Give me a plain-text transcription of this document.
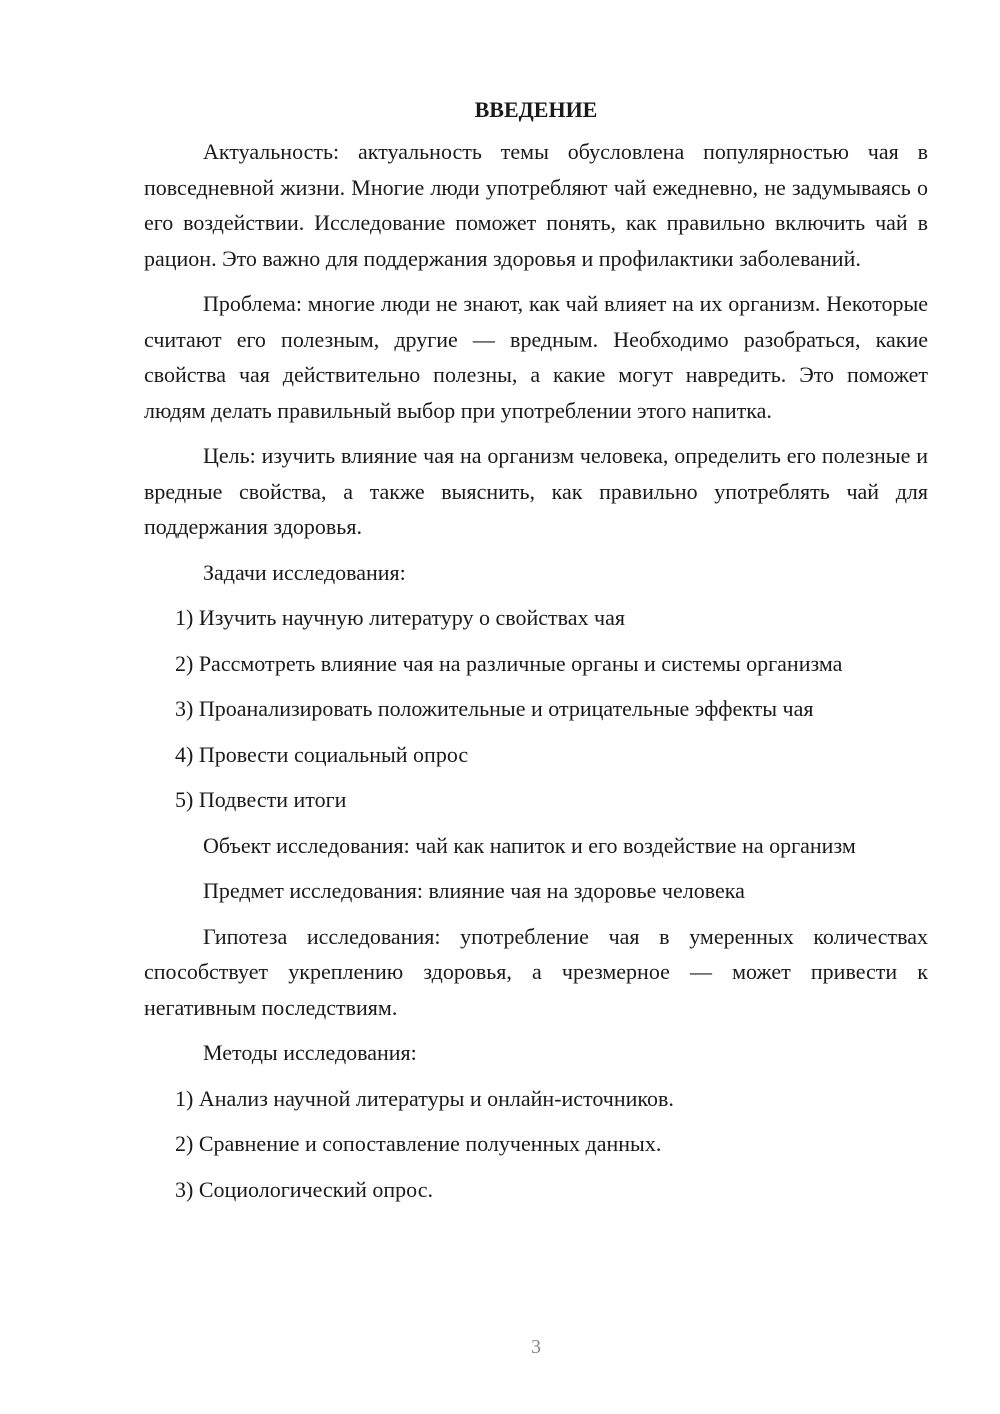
ВВЕДЕНИЕ

Актуальность: актуальность темы обусловлена популярностью чая в повседневной жизни. Многие люди употребляют чай ежедневно, не задумываясь о его воздействии. Исследование поможет понять, как правильно включить чай в рацион. Это важно для поддержания здоровья и профилактики заболеваний.

Проблема: многие люди не знают, как чай влияет на их организм. Некоторые считают его полезным, другие — вредным. Необходимо разобраться, какие свойства чая действительно полезны, а какие могут навредить. Это поможет людям делать правильный выбор при употреблении этого напитка.

Цель: изучить влияние чая на организм человека, определить его полезные и вредные свойства, а также выяснить, как правильно употреблять чай для поддержания здоровья.

Задачи исследования:

1) Изучить научную литературу о свойствах чая

2) Рассмотреть влияние чая на различные органы и системы организма

3) Проанализировать положительные и отрицательные эффекты чая

4) Провести социальный опрос

5) Подвести итоги

Объект исследования: чай как напиток и его воздействие на организм

Предмет исследования: влияние чая на здоровье человека

Гипотеза исследования: употребление чая в умеренных количествах способствует укреплению здоровья, а чрезмерное — может привести к негативным последствиям.

Методы исследования:

1) Анализ научной литературы и онлайн-источников.

2) Сравнение и сопоставление полученных данных.

3) Социологический опрос.

3
